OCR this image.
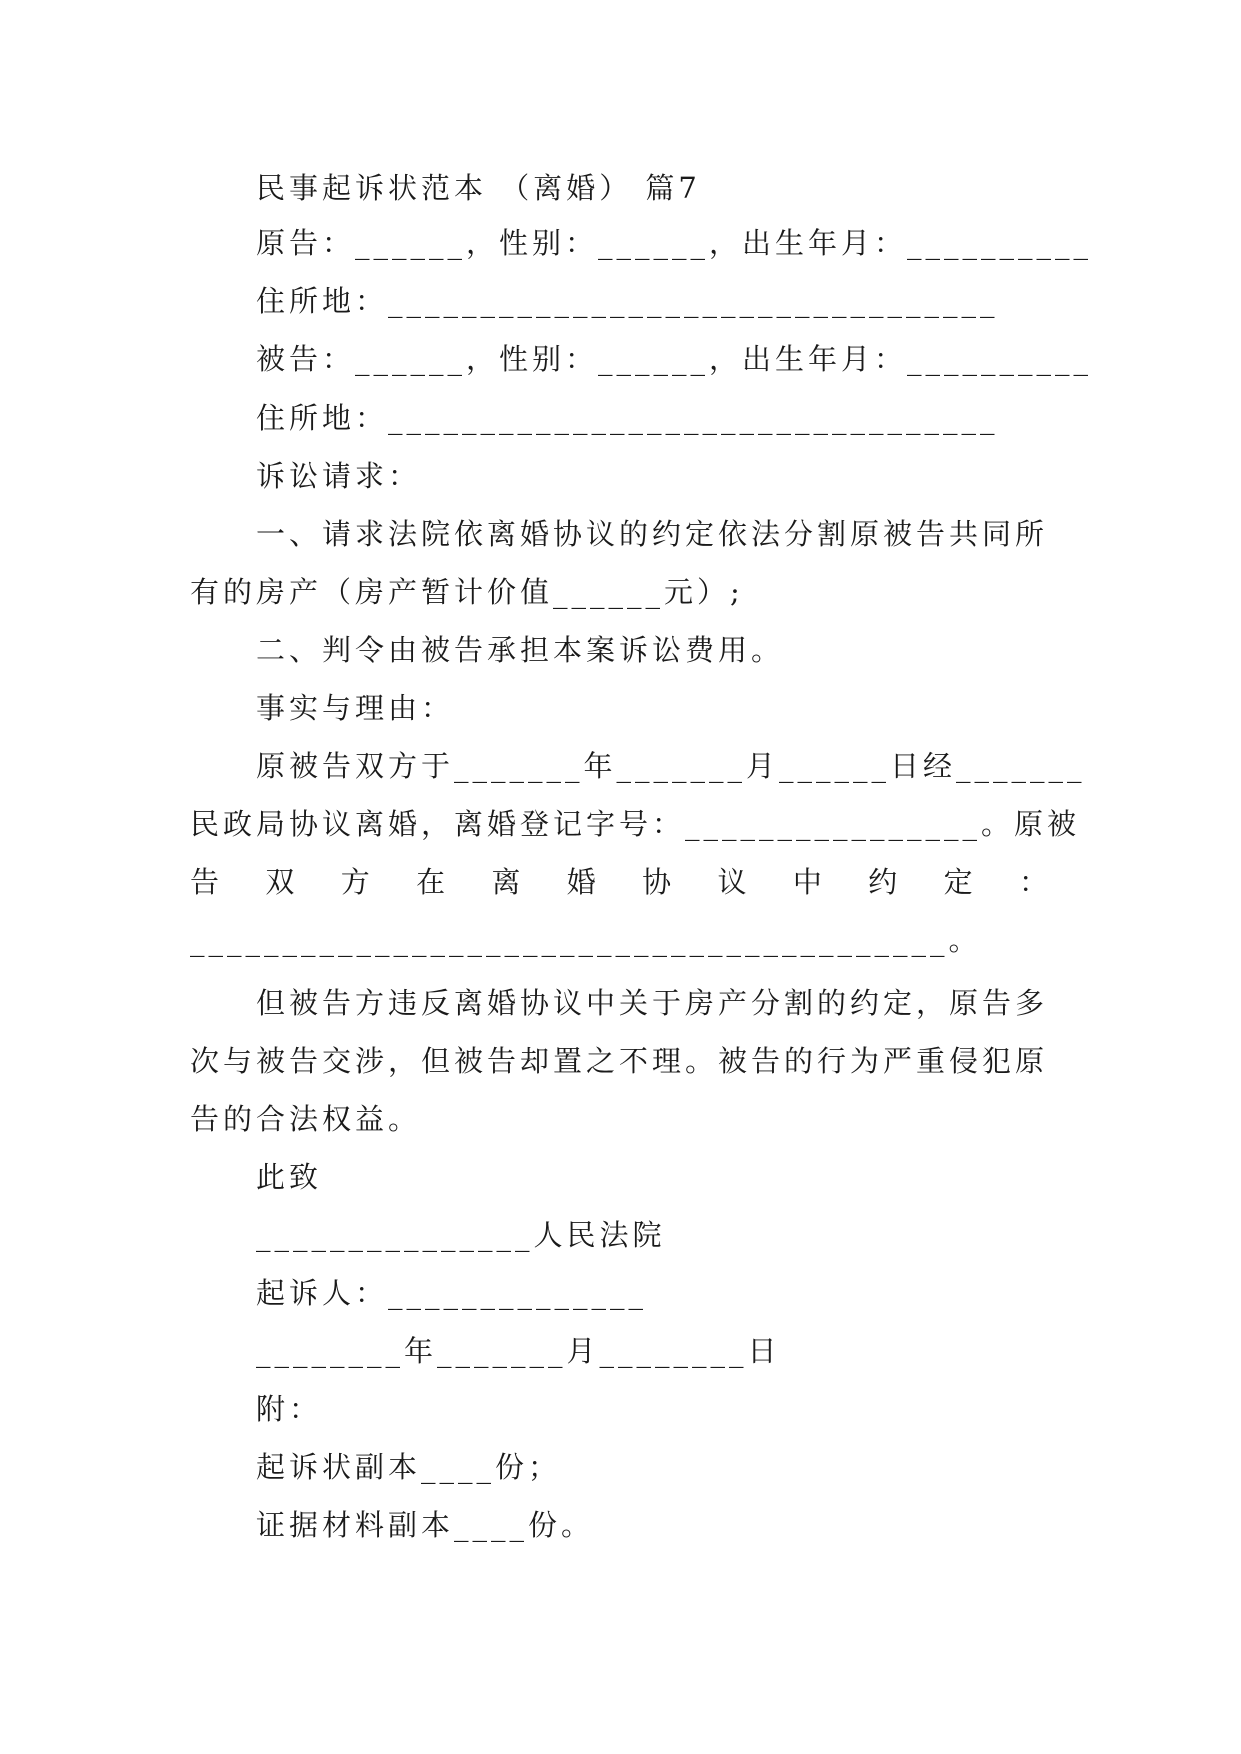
民事起诉状范本 （离婚） 篇7
原告：______，性别：______，出生年月：__________
住所地：_________________________________
被告：______，性别：______，出生年月：__________
住所地：_________________________________
诉讼请求：
一、请求法院依离婚协议的约定依法分割原被告共同所
有的房产（房产暂计价值______元）;
二、判令由被告承担本案诉讼费用。
事实与理由：
原被告双方于_______年_______月______日经_______
民政局协议离婚，离婚登记字号：________________。原被
告 双 方 在 离 婚 协 议 中 约 定 ：
_________________________________________。
但被告方违反离婚协议中关于房产分割的约定，原告多
次与被告交涉，但被告却置之不理。被告的行为严重侵犯原
告的合法权益。
此致
_______________人民法院
起诉人：______________
________年_______月________日
附：
起诉状副本____份；
证据材料副本____份。
